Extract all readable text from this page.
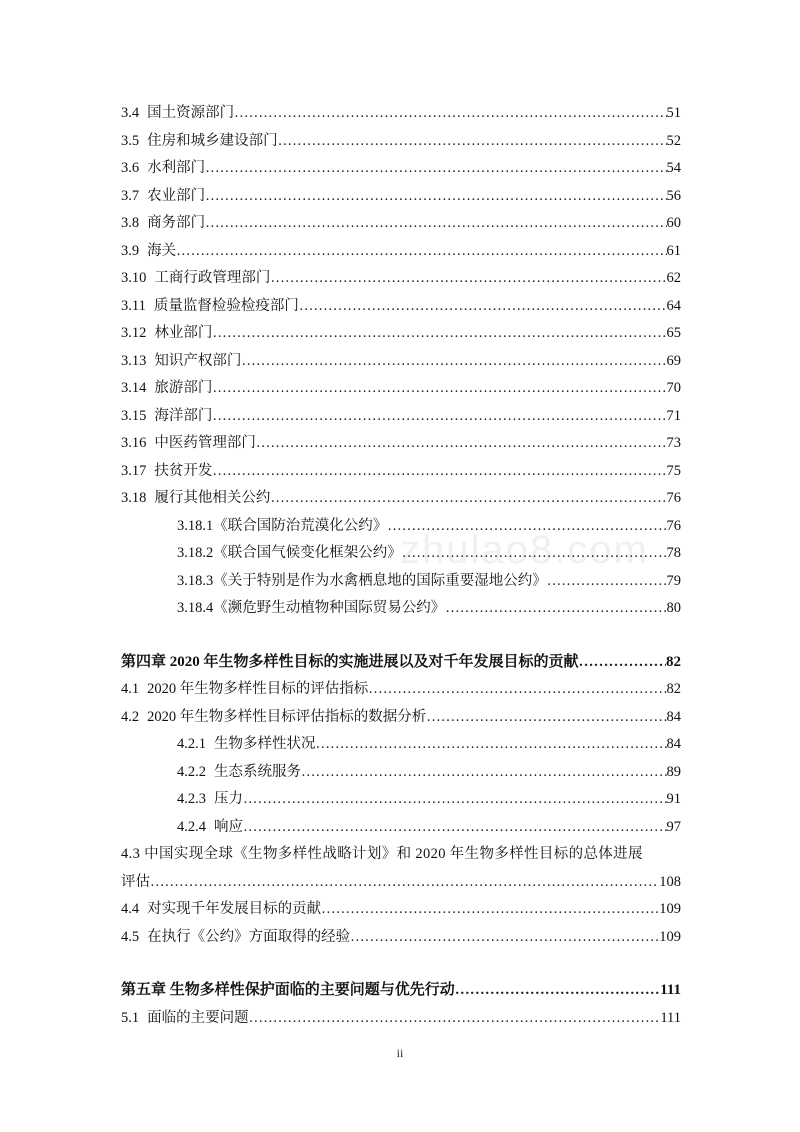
zhulao8.com
3.4 国土资源部门 ……………………………………………………………………………………………………………………………………	51
3.5 住房和城乡建设部门 ……………………………………………………………………………………………………………………………………	52
3.6 水利部门 ……………………………………………………………………………………………………………………………………	54
3.7 农业部门 ……………………………………………………………………………………………………………………………………	56
3.8 商务部门 ……………………………………………………………………………………………………………………………………	60
3.9 海关 ……………………………………………………………………………………………………………………………………	61
3.10 工商行政管理部门 ……………………………………………………………………………………………………………………………………	62
3.11 质量监督检验检疫部门 ……………………………………………………………………………………………………………………………………	64
3.12 林业部门 ……………………………………………………………………………………………………………………………………	65
3.13 知识产权部门 ……………………………………………………………………………………………………………………………………	69
3.14 旅游部门 ……………………………………………………………………………………………………………………………………	70
3.15 海洋部门 ……………………………………………………………………………………………………………………………………	71
3.16 中医药管理部门 ……………………………………………………………………………………………………………………………………	73
3.17 扶贫开发 ……………………………………………………………………………………………………………………………………	75
3.18 履行其他相关公约 ……………………………………………………………………………………………………………………………………	76
3.18.1 《联合国防治荒漠化公约》 ……………………………………………………………………………………………………………………………………	76
3.18.2 《联合国气候变化框架公约》 ……………………………………………………………………………………………………………………………………	78
3.18.3 《关于特别是作为水禽栖息地的国际重要湿地公约》 ……………………………………………………………………………………………………………………………………	79
3.18.4 《濒危野生动植物种国际贸易公约》 ……………………………………………………………………………………………………………………………………	80
第四章 2020 年生物多样性目标的实施进展以及对千年发展目标的贡献 ……………………………………………………………………………………………………………………………………	82
4.1 2020 年生物多样性目标的评估指标 ……………………………………………………………………………………………………………………………………	82
4.2 2020 年生物多样性目标评估指标的数据分析 ……………………………………………………………………………………………………………………………………	84
4.2.1 生物多样性状况 ……………………………………………………………………………………………………………………………………	84
4.2.2 生态系统服务 ……………………………………………………………………………………………………………………………………	89
4.2.3 压力 ……………………………………………………………………………………………………………………………………	91
4.2.4 响应 ……………………………………………………………………………………………………………………………………	97
4.3 中国实现全球《生物多样性战略计划》和 2020 年生物多样性目标的总体进展
评估 ……………………………………………………………………………………………………………………………………	108
4.4 对实现千年发展目标的贡献 ……………………………………………………………………………………………………………………………………	109
4.5 在执行《公约》方面取得的经验 ……………………………………………………………………………………………………………………………………	109
第五章 生物多样性保护面临的主要问题与优先行动 ……………………………………………………………………………………………………………………………………	111
5.1 面临的主要问题 ……………………………………………………………………………………………………………………………………	111
ii
